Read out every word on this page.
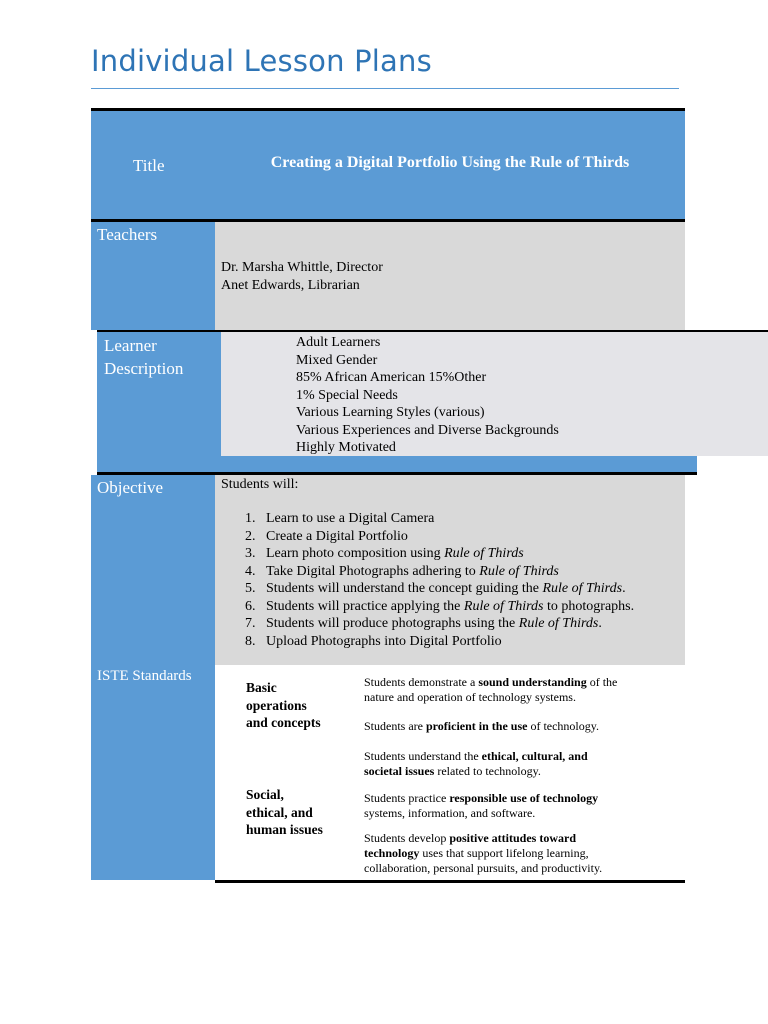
Individual Lesson Plans
Title	Creating a Digital Portfolio Using the Rule of Thirds
Teachers
Dr. Marsha Whittle, Director
Anet Edwards, Librarian
Learner
Description
Adult Learners
Mixed Gender
85% African American 15%Other
1% Special Needs
Various Learning Styles (various)
Various Experiences and Diverse Backgrounds
Highly Motivated
Objective
ISTE Standards
Students will:
Learn to use a Digital Camera
Create a Digital Portfolio
Learn photo composition using Rule of Thirds
Take Digital Photographs adhering to Rule of Thirds
Students will understand the concept guiding the Rule of Thirds.
Students will practice applying the Rule of Thirds to photographs.
Students will produce photographs using the Rule of Thirds.
Upload Photographs into Digital Portfolio
Basic
operations
and concepts
Social,
ethical, and
human issues
Students demonstrate a sound understanding of the
nature and operation of technology systems.
Students are proficient in the use of technology.
Students understand the ethical, cultural, and
societal issues related to technology.
Students practice responsible use of technology
systems, information, and software.
Students develop positive attitudes toward
technology uses that support lifelong learning,
collaboration, personal pursuits, and productivity.
